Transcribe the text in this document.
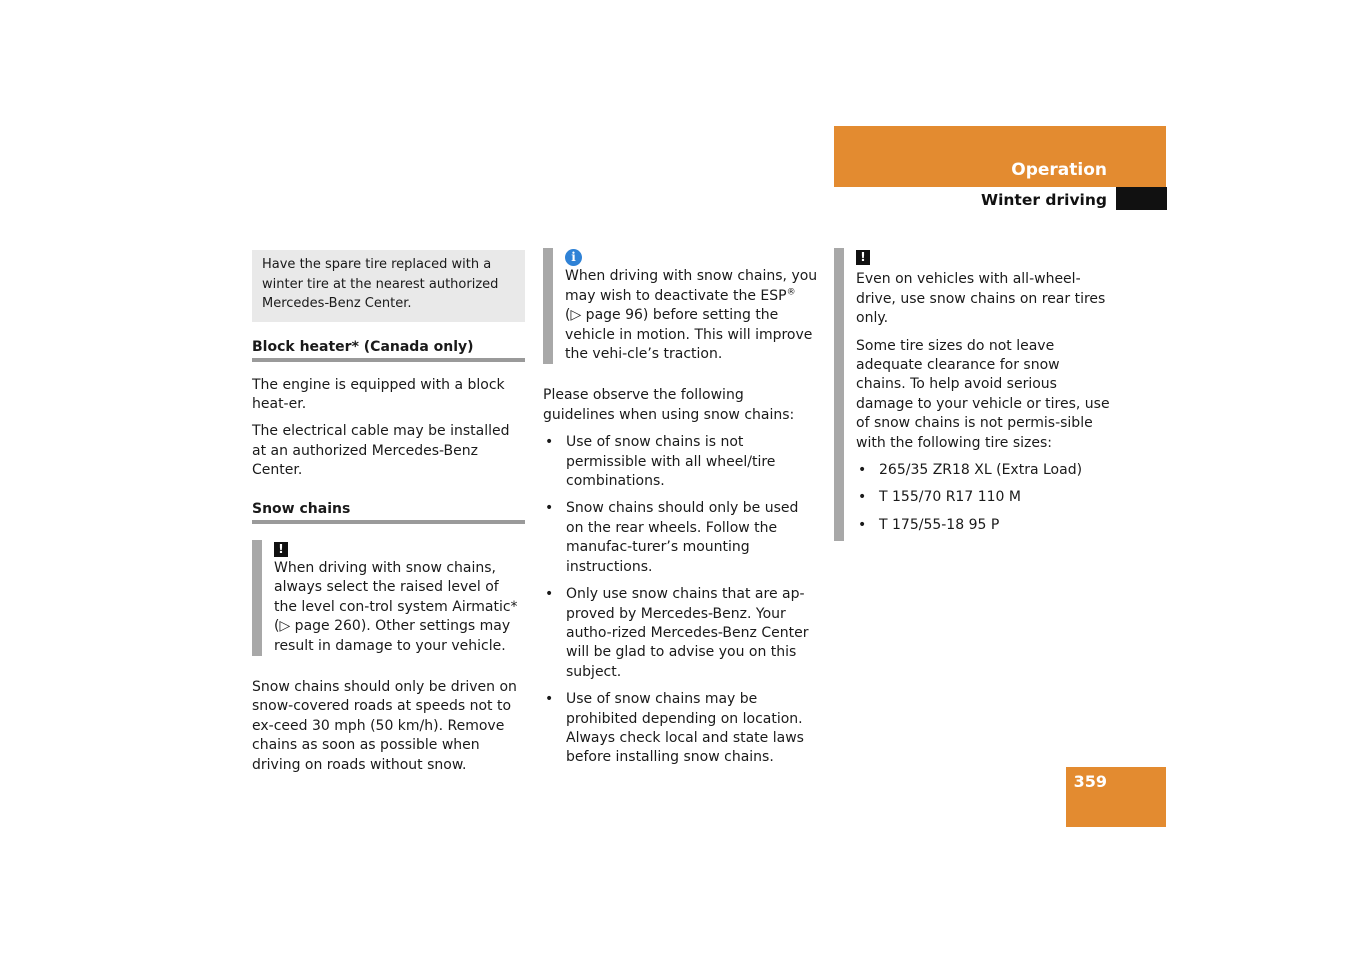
Operation
Winter driving

Have the spare tire replaced with a winter tire at the nearest authorized Mercedes-Benz Center.

Block heater* (Canada only)

The engine is equipped with a block heat-er.

The electrical cable may be installed at an authorized Mercedes-Benz Center.

Snow chains
!

When driving with snow chains, always select the raised level of the level con-trol system Airmatic* (▷ page 260). Other settings may result in damage to your vehicle.

Snow chains should only be driven on snow-covered roads at speeds not to ex-ceed 30 mph (50 km/h). Remove chains as soon as possible when driving on roads without snow.

i

When driving with snow chains, you may wish to deactivate the ESP®
(▷ page 96) before setting the vehicle in motion. This will improve the vehi-cle’s traction.

Please observe the following guidelines when using snow chains:

• Use of snow chains is not permissible with all wheel/tire combinations.
• Snow chains should only be used on the rear wheels. Follow the manufac-turer’s mounting instructions.
• Only use snow chains that are ap-proved by Mercedes-Benz. Your autho-rized Mercedes-Benz Center will be glad to advise you on this subject.
• Use of snow chains may be prohibited depending on location. Always check local and state laws before installing snow chains.
!

Even on vehicles with all-wheel-drive, use snow chains on rear tires only.

Some tire sizes do not leave adequate clearance for snow chains. To help avoid serious damage to your vehicle or tires, use of snow chains is not permis-sible with the following tire sizes:

• 265/35 ZR18 XL (Extra Load)
• T 155/70 R17 110 M
• T 175/55-18 95 P
359
